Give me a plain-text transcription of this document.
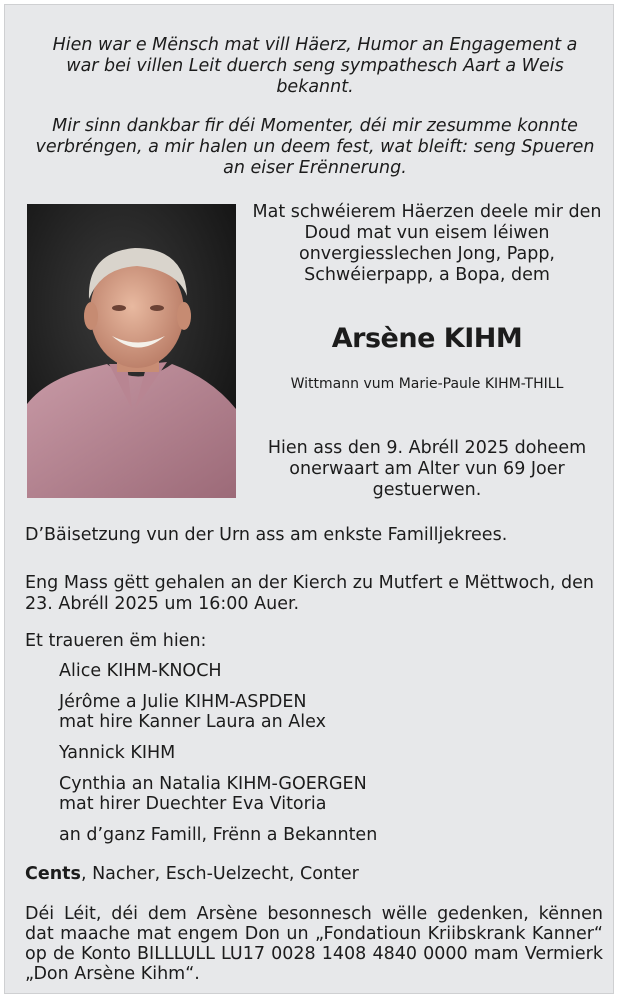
Hien war e Mënsch mat vill Häerz, Humor an Engagement a war bei villen Leit duerch seng sympathesch Aart a Weis bekannt.

Mir sinn dankbar fir déi Momenter, déi mir zesumme konnte verbréngen, a mir halen un deem fest, wat bleift: seng Spueren an eiser Erënnerung.

Mat schwéierem Häerzen deele mir den Doud mat vun eisem léiwen onvergiesslechen Jong, Papp, Schwéierpapp, a Bopa, dem
Arsène KIHM
Wittmann vum Marie-Paule KIHM-THILL
Hien ass den 9. Abréll 2025 doheem onerwaart am Alter vun 69 Joer gestuerwen.
D’Bäisetzung vun der Urn ass am enkste Familljekrees.
Eng Mass gëtt gehalen an der Kierch zu Mutfert e Mëttwoch, den 23. Abréll 2025 um 16:00 Auer.
Et traueren ëm hien:
Alice KIHM-KNOCH
Jérôme a Julie KIHM-ASPDEN
mat hire Kanner Laura an Alex
Yannick KIHM
Cynthia an Natalia KIHM-GOERGEN
mat hirer Duechter Eva Vitoria
an d’ganz Famill, Frënn a Bekannten
Cents, Nacher, Esch-Uelzecht, Conter
Déi Léit, déi dem Arsène besonnesch wëlle gedenken, kënnen dat maache mat engem Don un „Fondatioun Kriibskrank Kanner“ op de Konto BILLLULL LU17 0028 1408 4840 0000 mam Vermierk „Don Arsène Kihm“.
